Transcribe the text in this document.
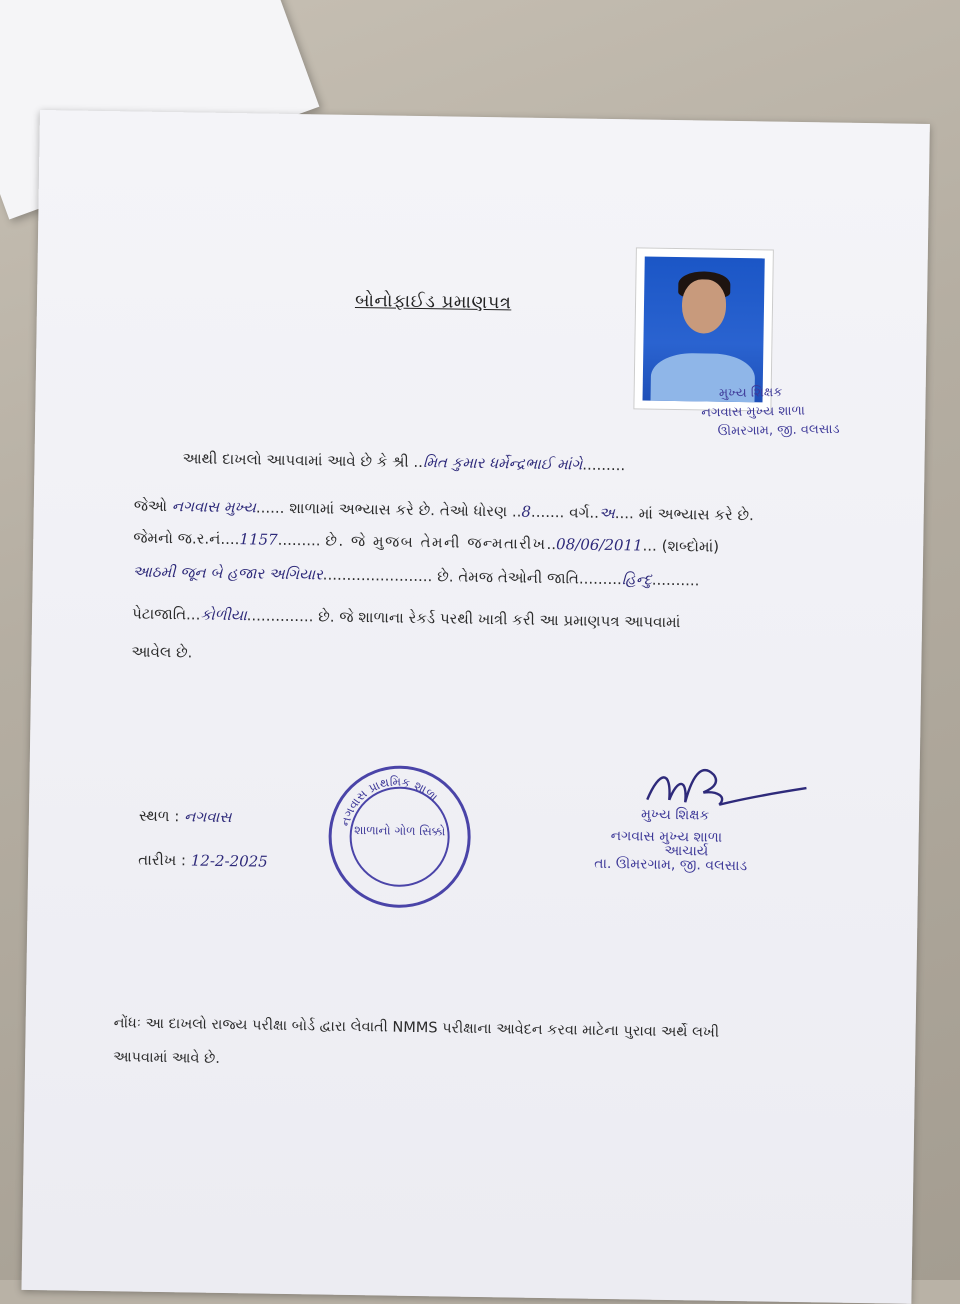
બોનોફાઈડ પ્રમાણપત્ર
મુખ્ય શિક્ષક
નગવાસ મુખ્ય શાળા
ઊમરગામ, જી. વલસાડ
આથી દાખલો આપવામાં આવે છે કે શ્રી ..મિત કુમાર ધર્મેન્દ્રભાઈ માંગે.........
જેઓ નગવાસ મુખ્ય...... શાળામાં અભ્યાસ કરે છે. તેઓ ધોરણ ..8....... વર્ગ..અ.... માં અભ્યાસ કરે છે.
જેમનો જ.ર.નં....1157......... છે. જે મુજબ તેમની જન્મતારીખ..08/06/2011... (શબ્દોમાં)
આઠમી જૂન બે હજાર અગિયાર....................... છે. તેમજ તેઓની જાતિ.........હિન્દુ..........
પેટાજાતિ...કોળીયા.............. છે. જે શાળાના રેકર્ડ પરથી ખાત્રી કરી આ પ્રમાણપત્ર આપવામાં
આવેલ છે.
સ્થળ : નગવાસ
તારીખ : 12-2-2025
નગવાસ પ્રાથમિક શાળા
શાળાનો ગોળ સિક્કો
મુખ્ય શિક્ષક
નગવાસ મુખ્ય શાળા
આચાર્ય
તા. ઊમરગામ, જી. વલસાડ
નોંધઃ આ દાખલો રાજ્ય પરીક્ષા બોર્ડ દ્વારા લેવાતી NMMS પરીક્ષાના આવેદન કરવા માટેના પુરાવા અર્થે લખી
આપવામાં આવે છે.
